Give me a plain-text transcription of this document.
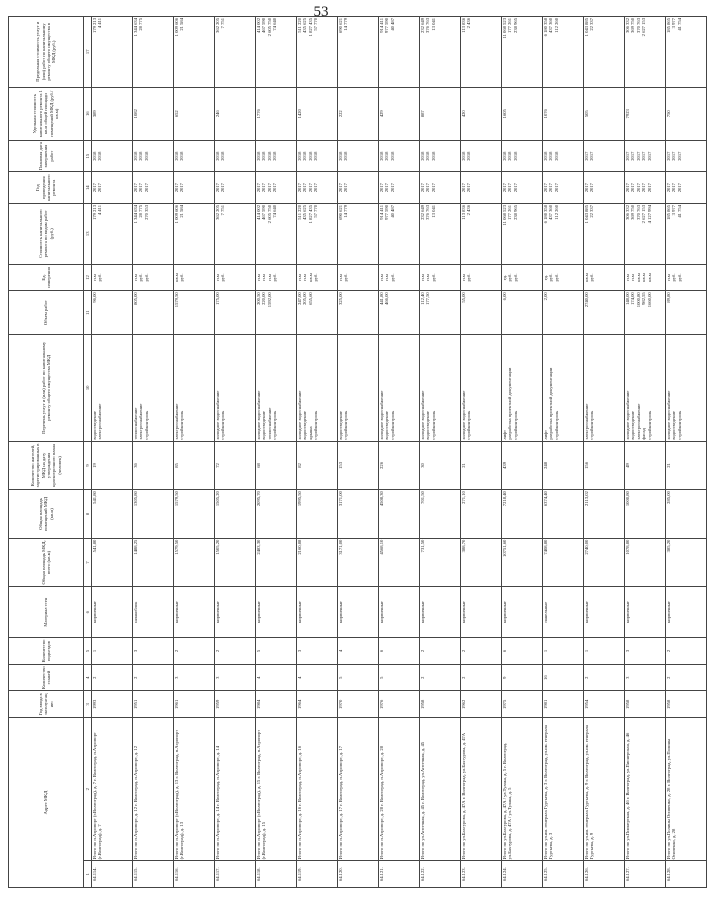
53
Адрес МКД		Год ввода в эксплуатацию	Количество этажей	Количество подъездов	Материал стен	Общая площадь МКД, всего (кв.м)	Общая площадь помещений МКД (кв.м)	Количество жителей, зарегистрированных в МКД на дату утверждения краткосрочного плана (человек)	Перечень услуг и (или) работ по капитальному ремонту общего имущества МКД	Объем работ	Ед. измерения	Стоимость капитального ремонта по видам работ (руб.)	Год проведения капитального ремонта	Плановая дата завершения работ	Удельная стоимость капитального ремонта 1 кв.м общей площади помещений МКД (руб./кв.м)	Предельная стоимость услуг и (или) работ по капитальному ремонту общего имущества в МКД (руб.)
1	2	3	4	5	6	7	8	9	10	11	12	13	14	15	16	17
64.114.	Итого по п.Аэропорт (г.Волгоград), д. 7 г. Волгоград, п.Аэропорт (г.Волгоград), д. 7	1993	2	1	кирпичные	541,80	541,80	19	водоотведение электроснабжение	96,00	п.м руб.	179 213 4 411	2017 2017	2018 2018	389	179 213 4 411

64.115.	Итого по п.Аэропорт, д. 12 г. Волгоград, п.Аэропорт, д. 12	1951	2	3	шлакоблок	1488,25	1305,80	36	теплоснабжение электроснабжение стройконтроль	805,00	п.м руб. руб.	1 344 634 28 775 270 353	2017 2017 2017	2018 2018 2018	1082	1 344 634 28 775

64.116.	Итого по п.Аэропорт (г.Волгоград), д. 13 г. Волгоград, п.Аэропорт (г.Волгоград), д. 13	1961	3	2	кирпичные	1579,50	1579,50	85	электроснабжение стройконтроль	1579,50	кв.м руб.	1 009 606 21 584	2017 2017	2018 2018	652	1 009 606 21 584

64.117.	Итого по п.Аэропорт, д. 14 г. Волгоград, п.Аэропорт, д. 14	1959	3	2	кирпичные	1505,20	1505,20	72	холодное водоснабжение стройконтроль	175,00	п.м руб.	362 205 7 751	2017 2017	2018 2018	246	362 205 7 751

64.118.	Итого по п.Аэропорт (г.Волгоград), д. 15 г. Волгоград, п.Аэропорт (г.Волгоград), д. 15	1984	4	5	кирпичные	2483,30	2095,70	68	холодное водоснабжение водоотведение теплоснабжение стройконтроль	200,50 220,00 1592,00	п.м п.м п.м руб.	414 002 467 590 2 605 750 74 640	2017 2017 2017 2017	2018 2018 2018 2018	1776	414 002 467 590 2 605 750 74 640

64.119.	Итого по п.Аэропорт, д. 16 г. Волгоград, п.Аэропорт, д. 16	1964	4	3	кирпичные	2160,88	1995,50	82	холодное водоснабжение водоотведение крыша стройконтроль	247,00 205,00 655,60	п.м п.м кв.м руб.	511 220 435 625 1 827 435 57 770	2017 2017 2017 2017	2018 2018 2018 2018	1420	511 220 435 625 1 827 435 57 770

64.120.	Итого по п.Аэропорт, д. 17 г. Волгоград, п.Аэропорт, д. 17	1970	5	4	кирпичные	3171,00	3171,00	153	водоотведение стройконтроль	325,00	п.м руб.	690 621 14 779	2017 2017	2018 2018	222	690 621 14 779

64.121.	Итого по п.Аэропорт, д. 28 г. Волгоград, п.Аэропорт, д. 28	1976	5	6	кирпичные	4568,10	4508,30	226	холодное водоснабжение водоотведение стройконтроль	441,80 466,00	п.м п.м руб.	914 411 977 590 40 487	2017 2017 2017	2018 2018 2018	429	914 411 977 590 40 487

64.122.	Итого по ул.Аптечная, д. 45 г. Волгоград, ул.Аптечная, д. 45	1958	2	2	кирпичные	731,50	701,50	30	холодное водоснабжение водоотведение стройконтроль	112,40 177,50	п.м п.м руб.	232 649 376 763 13 041	2017 2017 2017	2018 2018 2018	887	232 649 376 763 13 041

64.123.	Итого по ул.Бахтурова, д. 47А г. Волгоград, ул.Бахтурова, д. 47А	1962	2	2	кирпичные	388,70	271,10	21	холодное водоснабжение стройконтроль	55,00	п.м руб.	113 836 2 436	2017 2017	2018 2018	420	113 836 2 436

64.124.	Итого по ул.Бахтурова, д. 47А / ул.Тулака, д. 5 г. Волгоград, ул.Бахтурова, д. 47А / ул.Тулака, д. 5	1975	9	6	кирпичные	10751,60	7218,40	439	лифт разработка проектной документации стройконтроль	6,00	ед. руб. руб.	11 068 523 177 261 238 965	2017 2017 2017	2018 2018 2018	1605	11 068 523 177 261 238 965

64.125.	Итого по ул.им. генерала Гуртьева, д. 3 г. Волгоград, ул.им. генерала Гуртьева, д. 3	1981	16	1	панельные	7408,80	6374,40	248	лифт разработка проектной документации стройконтроль	2,00	ед. руб. руб.	6 180 358 437 360 112 260	2017 2017 2017	2018 2018 2018	1076	6 180 358 437 360 112 260

64.126.	Итого по ул.им. генерала Гуртьева, д. 9 г. Волгоград, ул.им. генерала Гуртьева, д. 9	1954	2	1	кирпичные	2740,00	2113,02	156	электроснабжение стройконтроль	2740,00	кв.м руб.	1 043 885 22 337	2017 2017	2017 2017	505	1 043 885 22 337

64.127.	Итого по ул.Пионерская, д. 46 г. Волгоград, ул.Пионерская, д. 46	1958	3	3	кирпичные	1078,80	1000,80	49	холодное водоснабжение водоотведение электроснабжение фасад стройконтроль	148,00 174,00 1000,80 982,55 1660,00	п.м п.м кв.м кв.м кв.м	306 332 369 750 370 763 2 627 153 4 127 994	2017 2017 2017 2017 2017	2017 2017 2017 2017 2017	7923	306 332 369 750 370 763 2 627 153

64.128.	Итого по ул.Полины Осипенко, д. 28 г. Волгоград, ул.Полины Осипенко, д. 28	1958	2	2	кирпичные	385,20	285,00	21	холодное водоснабжение водоотведение стройконтроль	89,80	п.м руб. руб.	185 865 3 977 41 754	2017 2017 2017	2017 2017 2017	750	185 865 3 977 41 754
